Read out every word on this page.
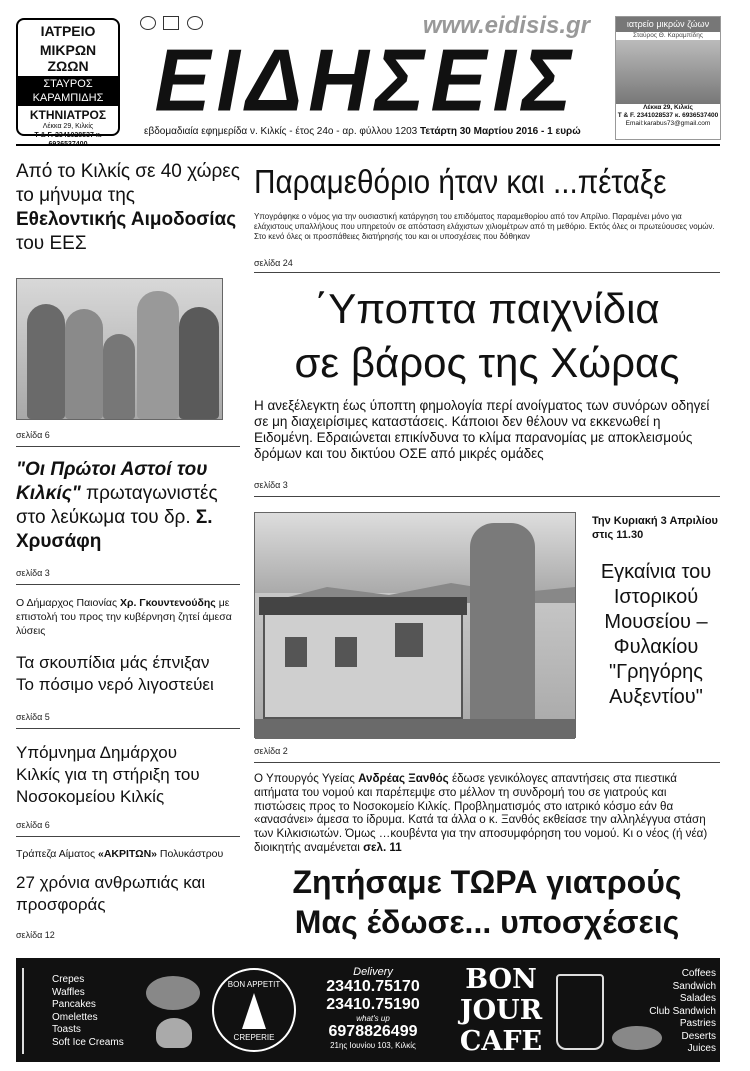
ΙΑΤΡΕΙΟ
ΜΙΚΡΩΝ ΖΩΩΝ
ΣΤΑΥΡΟΣ
ΚΑΡΑΜΠΙΔΗΣ
ΚΤΗΝΙΑΤΡΟΣ
Λέκκα 29, Κιλκίς
Τ & F. 2341028537 κ.
www.eidisis.gr

ΕΙΔΗΣΕΙΣ
ιατρείο μικρών ζώων
Σταύρος Θ. Καραμπίδης
Λέκκα 29, Κιλκίς
Τ & F. 2341028537 κ. 6936537400
Email:karabus73@gmail.com
εβδομαδιαία εφημερίδα ν. Κιλκίς - έτος 24ο - αρ. φύλλου 1203 Τετάρτη 30 Μαρτίου 2016 - 1 ευρώ
Από το Κιλκίς σε 40 χώρες το μήνυμα της Εθελοντικής Αιμοδοσίας του ΕΕΣ
σελίδα 6
"Οι Πρώτοι Αστοί του Κιλκίς" πρωταγωνιστές στο λεύκωμα του δρ. Σ. Χρυσάφη
σελίδα 3
Ο Δήμαρχος Παιονίας Χρ. Γκουντενούδης με επιστολή του προς την κυβέρνηση ζητεί άμεσα λύσεις
Τα σκουπίδια μάς έπνιξαν
Το πόσιμο νερό λιγοστεύει
σελίδα 5
Υπόμνημα Δημάρχου Κιλκίς για τη στήριξη του Νοσοκομείου Κιλκίς
σελίδα 6
Τράπεζα Αίματος «ΑΚΡΙΤΩΝ» Πολυκάστρου
27 χρόνια ανθρωπιάς και προσφοράς
σελίδα 12
Παραμεθόριο ήταν και ...πέταξε
Υπογράφηκε ο νόμος για την ουσιαστική κατάργηση του επιδόματος παραμεθορίου από τον Απρίλιο. Παραμένει μόνο για ελάχιστους υπαλλήλους που υπηρετούν σε απόσταση ελάχιστων χιλιομέτρων από τη μεθόριο. Εκτός όλες οι πρωτεύουσες νομών. Στο κενό όλες οι προσπάθειες διατήρησής του και οι υποσχέσεις που δόθηκαν
σελίδα 24
΄Υποπτα παιχνίδια
σε βάρος της Χώρας
Η ανεξέλεγκτη έως ύποπτη φημολογία περί ανοίγματος των συνόρων οδηγεί σε μη διαχειρίσιμες καταστάσεις. Κάποιοι δεν θέλουν να εκκενωθεί η Ειδομένη. Εδραιώνεται επικίνδυνα το κλίμα παρανομίας με αποκλεισμούς δρόμων και του δικτύου ΟΣΕ από μικρές ομάδες
σελίδα 3
Την Κυριακή 3 Απριλίου στις 11.30
Εγκαίνια του Ιστορικού Μουσείου – Φυλακίου "Γρηγόρης Αυξεντίου"
σελίδα 2
Ο Υπουργός Υγείας Ανδρέας Ξανθός έδωσε γενικόλογες απαντήσεις στα πιεστικά αιτήματα του νομού και παρέπεμψε στο μέλλον τη συνδρομή του σε γιατρούς και πιστώσεις προς το Νοσοκομείο Κιλκίς. Προβληματισμός στο ιατρικό κόσμο εάν θα «ανασάνει» άμεσα το ίδρυμα. Κατά τα άλλα ο κ. Ξανθός εκθείασε την αλληλέγγυα στάση των Κιλκισιωτών. Όμως …κουβέντα για την αποσυμφόρηση του νομού. Κι ο νέος (ή νέα) διοικητής αναμένεται σελ. 11
Ζητήσαμε ΤΩΡΑ γιατρούς
Μας έδωσε... υποσχέσεις
Crepes
Waffles
Pancakes
Omelettes
Toasts
Soft Ice Creams
BON APPETIT
CREPERIE
Delivery
23410.75170
23410.75190
what's up
6978826499
21ης Ιουνίου 103, Κιλκίς
BON
JOUR
CAFE
Coffees
Sandwich
Salades
Club Sandwich
Pastries
Deserts
Juices
